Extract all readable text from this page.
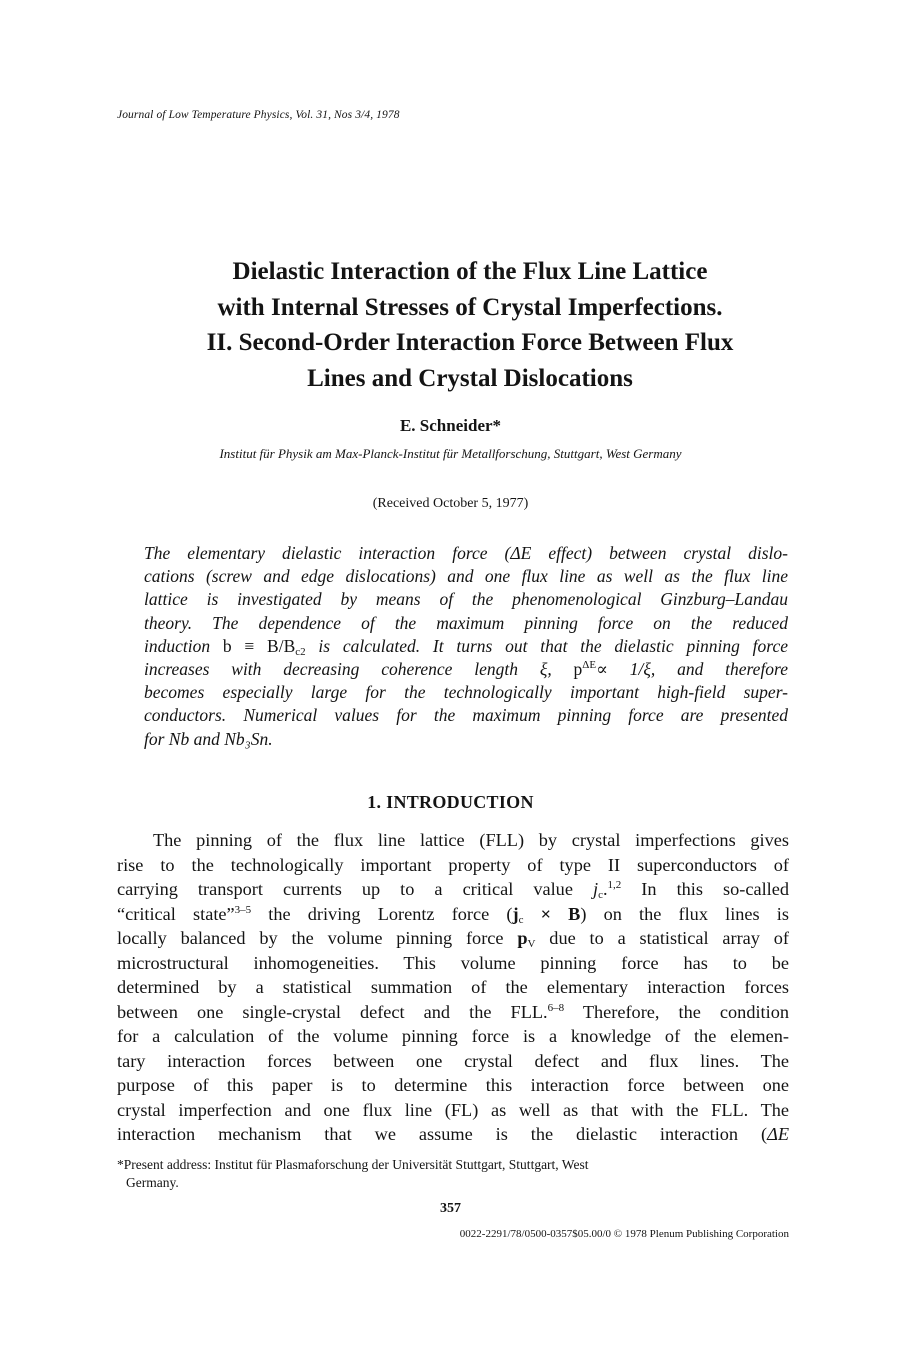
Journal of Low Temperature Physics, Vol. 31, Nos 3/4, 1978
Dielastic Interaction of the Flux Line Lattice
with Internal Stresses of Crystal Imperfections.
II. Second-Order Interaction Force Between Flux
Lines and Crystal Dislocations
E. Schneider*
Institut für Physik am Max-Planck-Institut für Metallforschung, Stuttgart, West Germany
(Received October 5, 1977)
The elementary dielastic interaction force (ΔE effect) between crystal dislo-
cations (screw and edge dislocations) and one flux line as well as the flux line
lattice is investigated by means of the phenomenological Ginzburg–Landau
theory. The dependence of the maximum pinning force on the reduced
induction $b \equiv B/B_{c2}$ is calculated. It turns out that the dielastic pinning force
increases with decreasing coherence length ξ, $p^{\Delta E}\propto 1/\xi$, and therefore
becomes especially large for the technologically important high-field super-
conductors. Numerical values for the maximum pinning force are presented
for Nb and Nb₃Sn.
1. INTRODUCTION
The pinning of the flux line lattice (FLL) by crystal imperfections gives
rise to the technologically important property of type II superconductors of
carrying transport currents up to a critical value $j_c.^{1,2}$ In this so-called
“critical state”$^{3-5}$ the driving Lorentz force $(j_c \times B)$ on the flux lines is
locally balanced by the volume pinning force $p_V$ due to a statistical array of
microstructural inhomogeneities. This volume pinning force has to be
determined by a statistical summation of the elementary interaction forces
between one single-crystal defect and the FLL.$^{6-8}$ Therefore, the condition
for a calculation of the volume pinning force is a knowledge of the elemen-
tary interaction forces between one crystal defect and flux lines. The
purpose of this paper is to determine this interaction force between one
crystal imperfection and one flux line (FL) as well as that with the FLL. The
interaction mechanism that we assume is the dielastic interaction (ΔE
*Present address: Institut für Plasmaforschung der Universität Stuttgart, Stuttgart, West
Germany.
357
0022-2291/78/0500-0357$05.00/0 © 1978 Plenum Publishing Corporation
